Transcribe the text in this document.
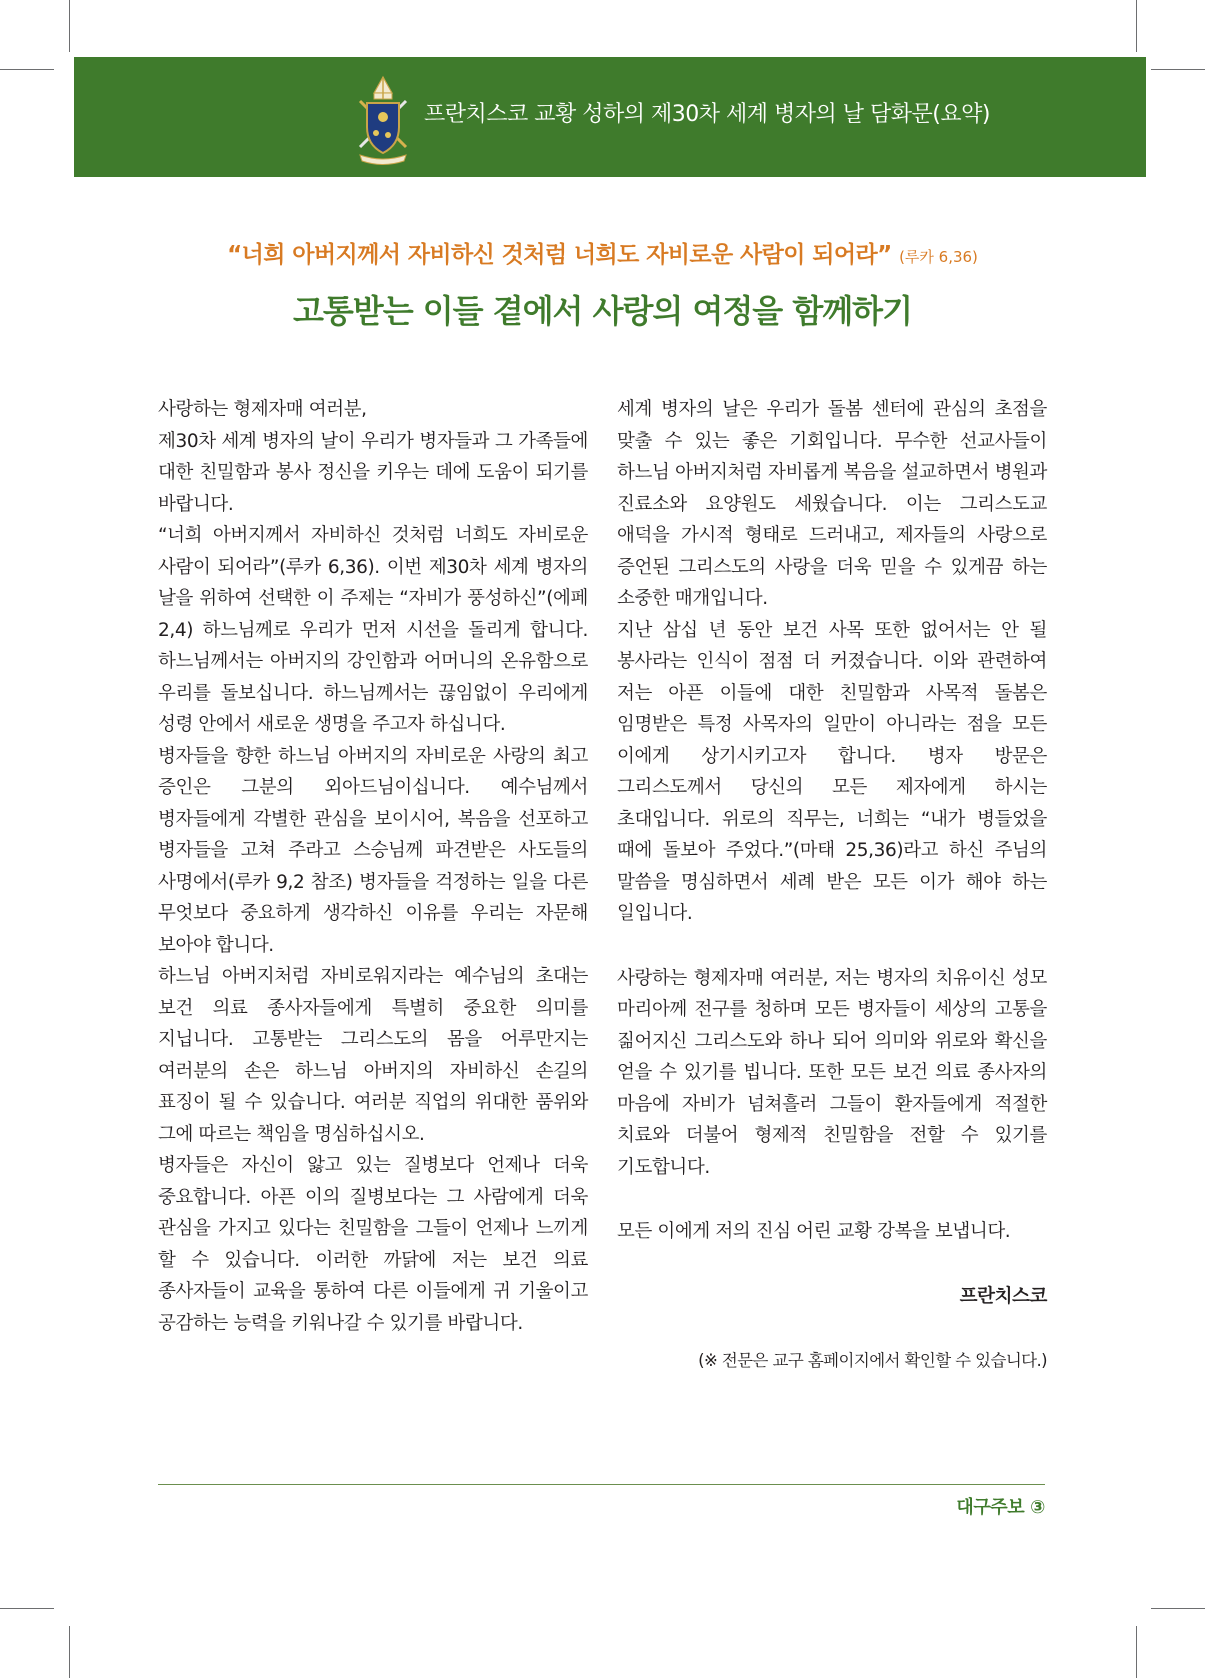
프란치스코 교황 성하의 제30차 세계 병자의 날 담화문(요약)
“너희 아버지께서 자비하신 것처럼 너희도 자비로운 사람이 되어라” (루카 6,36)
고통받는 이들 곁에서 사랑의 여정을 함께하기

사랑하는 형제자매 여러분,

제30차 세계 병자의 날이 우리가 병자들과 그 가족들에 대한 친밀함과 봉사 정신을 키우는 데에 도움이 되기를 바랍니다.

“너희 아버지께서 자비하신 것처럼 너희도 자비로운 사람이 되어라”(루카 6,36). 이번 제30차 세계 병자의 날을 위하여 선택한 이 주제는 “자비가 풍성하신”(에페 2,4) 하느님께로 우리가 먼저 시선을 돌리게 합니다. 하느님께서는 아버지의 강인함과 어머니의 온유함으로 우리를 돌보십니다. 하느님께서는 끊임없이 우리에게 성령 안에서 새로운 생명을 주고자 하십니다.

병자들을 향한 하느님 아버지의 자비로운 사랑의 최고 증인은 그분의 외아드님이십니다. 예수님께서 병자들에게 각별한 관심을 보이시어, 복음을 선포하고 병자들을 고쳐 주라고 스승님께 파견받은 사도들의 사명에서(루카 9,2 참조) 병자들을 걱정하는 일을 다른 무엇보다 중요하게 생각하신 이유를 우리는 자문해 보아야 합니다.

하느님 아버지처럼 자비로워지라는 예수님의 초대는 보건 의료 종사자들에게 특별히 중요한 의미를 지닙니다. 고통받는 그리스도의 몸을 어루만지는 여러분의 손은 하느님 아버지의 자비하신 손길의 표징이 될 수 있습니다. 여러분 직업의 위대한 품위와 그에 따르는 책임을 명심하십시오.

병자들은 자신이 앓고 있는 질병보다 언제나 더욱 중요합니다. 아픈 이의 질병보다는 그 사람에게 더욱 관심을 가지고 있다는 친밀함을 그들이 언제나 느끼게 할 수 있습니다. 이러한 까닭에 저는 보건 의료 종사자들이 교육을 통하여 다른 이들에게 귀 기울이고 공감하는 능력을 키워나갈 수 있기를 바랍니다.

세계 병자의 날은 우리가 돌봄 센터에 관심의 초점을 맞출 수 있는 좋은 기회입니다. 무수한 선교사들이 하느님 아버지처럼 자비롭게 복음을 설교하면서 병원과 진료소와 요양원도 세웠습니다. 이는 그리스도교 애덕을 가시적 형태로 드러내고, 제자들의 사랑으로 증언된 그리스도의 사랑을 더욱 믿을 수 있게끔 하는 소중한 매개입니다.

지난 삼십 년 동안 보건 사목 또한 없어서는 안 될 봉사라는 인식이 점점 더 커졌습니다. 이와 관련하여 저는 아픈 이들에 대한 친밀함과 사목적 돌봄은 임명받은 특정 사목자의 일만이 아니라는 점을 모든 이에게 상기시키고자 합니다. 병자 방문은 그리스도께서 당신의 모든 제자에게 하시는 초대입니다. 위로의 직무는, 너희는 “내가 병들었을 때에 돌보아 주었다.”(마태 25,36)라고 하신 주님의 말씀을 명심하면서 세례 받은 모든 이가 해야 하는 일입니다.

사랑하는 형제자매 여러분, 저는 병자의 치유이신 성모 마리아께 전구를 청하며 모든 병자들이 세상의 고통을 짊어지신 그리스도와 하나 되어 의미와 위로와 확신을 얻을 수 있기를 빕니다. 또한 모든 보건 의료 종사자의 마음에 자비가 넘쳐흘러 그들이 환자들에게 적절한 치료와 더불어 형제적 친밀함을 전할 수 있기를 기도합니다.

모든 이에게 저의 진심 어린 교황 강복을 보냅니다.

프란치스코

(※ 전문은 교구 홈페이지에서 확인할 수 있습니다.)

대구주보 ③
